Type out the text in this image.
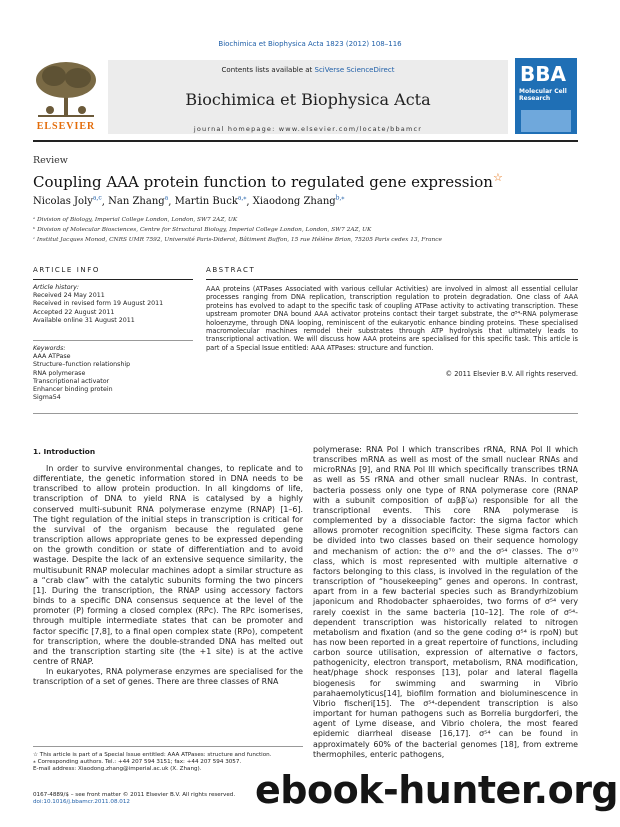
Biochimica et Biophysica Acta 1823 (2012) 108–116
ELSEVIER
Contents lists available at SciVerse ScienceDirect
Biochimica et Biophysica Acta
journal homepage: www.elsevier.com/locate/bbamcr
BBA
Molecular Cell Research
Review
Coupling AAA protein function to regulated gene expression☆
Nicolas Joly$^{a,c}$, Nan Zhang$^a$, Martin Buck$^{a,⁎}$, Xiaodong Zhang$^{b,⁎}$
ᵃ Division of Biology, Imperial College London, London, SW7 2AZ, UK
ᵇ Division of Molecular Biosciences, Centre for Structural Biology, Imperial College London, London, SW7 2AZ, UK
ᶜ Institut Jacques Monod, CNRS UMR 7592, Université Paris-Diderot, Bâtiment Buffon, 15 rue Hélène Brion, 75205 Paris cedex 13, France
ARTICLE INFO
Article history:
Received 24 May 2011
Received in revised form 19 August 2011
Accepted 22 August 2011
Available online 31 August 2011
Keywords:
AAA ATPase
Structure–function relationship
RNA polymerase
Transcriptional activator
Enhancer binding protein
Sigma54
ABSTRACT
AAA proteins (ATPases Associated with various cellular Activities) are involved in almost all essential cellular processes ranging from DNA replication, transcription regulation to protein degradation. One class of AAA proteins has evolved to adapt to the specific task of coupling ATPase activity to activating transcription. These upstream promoter DNA bound AAA activator proteins contact their target substrate, the σ⁵⁴-RNA polymerase holoenzyme, through DNA looping, reminiscent of the eukaryotic enhance binding proteins. These specialised macromolecular machines remodel their substrates through ATP hydrolysis that ultimately leads to transcriptional activation. We will discuss how AAA proteins are specialised for this specific task. This article is part of a Special Issue entitled: AAA ATPases: structure and function.
© 2011 Elsevier B.V. All rights reserved.
1. Introduction

In order to survive environmental changes, to replicate and to differentiate, the genetic information stored in DNA needs to be transcribed to allow protein production. In all kingdoms of life, transcription of DNA to yield RNA is catalysed by a highly conserved multi-subunit RNA polymerase enzyme (RNAP) [1–6]. The tight regulation of the initial steps in transcription is critical for the survival of the organism because the regulated gene transcription allows appropriate genes to be expressed depending on the growth condition or state of differentiation and to avoid wastage. Despite the lack of an extensive sequence similarity, the multisubunit RNAP molecular machines adopt a similar structure as a “crab claw” with the catalytic subunits forming the two pincers [1]. During the transcription, the RNAP using accessory factors binds to a specific DNA consensus sequence at the level of the promoter (P) forming a closed complex (RPc). The RPc isomerises, through multiple intermediate states that can be promoter and factor specific [7,8], to a final open complex state (RPo), competent for transcription, where the double-stranded DNA has melted out and the transcription starting site (the +1 site) is at the active centre of RNAP.

In eukaryotes, RNA polymerase enzymes are specialised for the transcription of a set of genes. There are three classes of RNA

polymerase: RNA Pol I which transcribes rRNA, RNA Pol II which transcribes mRNA as well as most of the small nuclear RNAs and microRNAs [9], and RNA Pol III which specifically transcribes tRNA as well as 5S rRNA and other small nuclear RNAs. In contrast, bacteria possess only one type of RNA polymerase core (RNAP with a subunit composition of α₂ββ′ω) responsible for all the transcriptional events. This core RNA polymerase is complemented by a dissociable factor: the sigma factor which allows promoter recognition specificity. These sigma factors can be divided into two classes based on their sequence homology and mechanism of action: the σ⁷⁰ and the σ⁵⁴ classes. The σ⁷⁰ class, which is most represented with multiple alternative σ factors belonging to this class, is involved in the regulation of the transcription of “housekeeping” genes and operons. In contrast, apart from in a few bacterial species such as Brandyrhizobium japonicum and Rhodobacter sphaeroides, two forms of σ⁵⁴ very rarely coexist in the same bacteria [10–12]. The role of σ⁵⁴-dependent transcription was historically related to nitrogen metabolism and fixation (and so the gene coding σ⁵⁴ is rpoN) but has now been reported in a great repertoire of functions, including carbon source utilisation, expression of alternative σ factors, pathogenicity, electron transport, metabolism, RNA modification, heat/phage shock responses [13], polar and lateral flagella biogenesis for swimming and swarming in Vibrio parahaemolyticus[14], biofilm formation and bioluminescence in Vibrio fischeri[15]. The σ⁵⁴-dependent transcription is also important for human pathogens such as Borrelia burgdorferi, the agent of Lyme disease, and Vibrio cholera, the most feared epidemic diarrheal disease [16,17]. σ⁵⁴ can be found in approximately 60% of the bacterial genomes [18], from extreme thermophiles, enteric pathogens,

☆ This article is part of a Special Issue entitled: AAA ATPases: structure and function.
⁎ Corresponding authors. Tel.: +44 207 594 3151; fax: +44 207 594 3057.
E-mail address: Xiaodong.zhang@imperial.ac.uk (X. Zhang).
0167-4889/$ – see front matter © 2011 Elsevier B.V. All rights reserved.
doi:10.1016/j.bbamcr.2011.08.012	ebook-hunter.org
